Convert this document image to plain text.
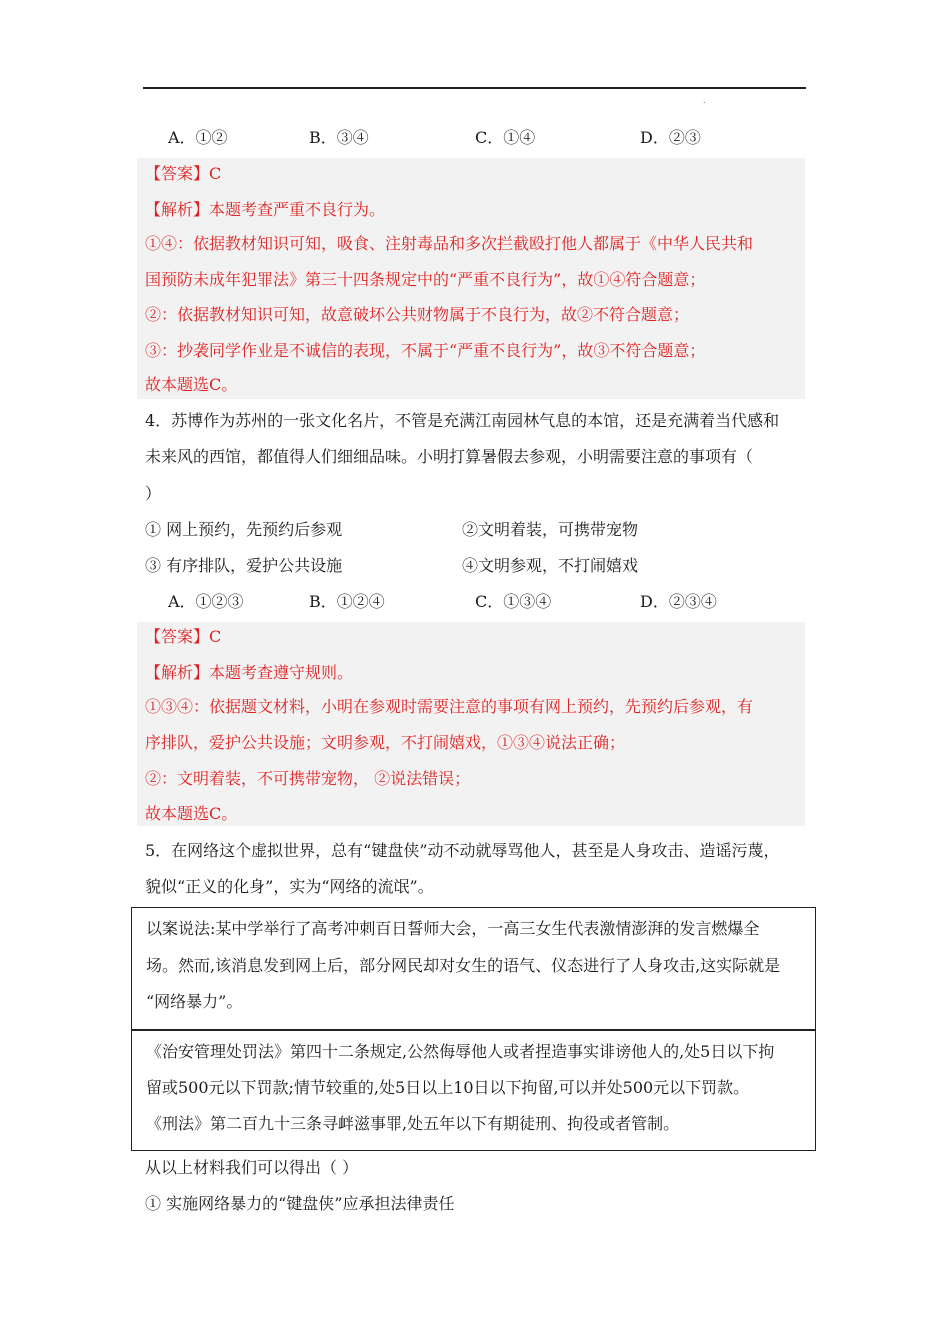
.
A．①②	B．③④	C．①④	D．②③
【答案】C
【解析】本题考查严重不良行为。
①④：依据教材知识可知，吸食、注射毒品和多次拦截殴打他人都属于《中华人民共和
国预防未成年犯罪法》第三十四条规定中的“严重不良行为”，故①④符合题意；
②：依据教材知识可知，故意破坏公共财物属于不良行为，故②不符合题意；
③：抄袭同学作业是不诚信的表现，不属于“严重不良行为”，故③不符合题意；
故本题选C。
4．苏博作为苏州的一张文化名片，不管是充满江南园林气息的本馆，还是充满着当代感和
未来风的西馆，都值得人们细细品味。小明打算暑假去参观，小明需要注意的事项有（
）
① 网上预约，先预约后参观	②文明着装，可携带宠物
③ 有序排队，爱护公共设施	④文明参观，不打闹嬉戏
A．①②③	B．①②④	C．①③④	D．②③④
【答案】C
【解析】本题考查遵守规则。
①③④：依据题文材料，小明在参观时需要注意的事项有网上预约，先预约后参观，有
序排队，爱护公共设施；文明参观，不打闹嬉戏，①③④说法正确；
②：文明着装，不可携带宠物， ②说法错误；
故本题选C。
5．在网络这个虚拟世界，总有“键盘侠”动不动就辱骂他人，甚至是人身攻击、造谣污蔑，
貌似“正义的化身”，实为“网络的流氓”。
以案说法:某中学举行了高考冲刺百日誓师大会，一高三女生代表激情澎湃的发言燃爆全
场。然而,该消息发到网上后，部分网民却对女生的语气、仪态进行了人身攻击,这实际就是
“网络暴力”。
《治安管理处罚法》第四十二条规定,公然侮辱他人或者捏造事实诽谤他人的,处5日以下拘
留或500元以下罚款;情节较重的,处5日以上10日以下拘留,可以并处500元以下罚款。
《刑法》第二百九十三条寻衅滋事罪,处五年以下有期徒刑、拘役或者管制。
从以上材料我们可以得出（ ）
① 实施网络暴力的“键盘侠”应承担法律责任
